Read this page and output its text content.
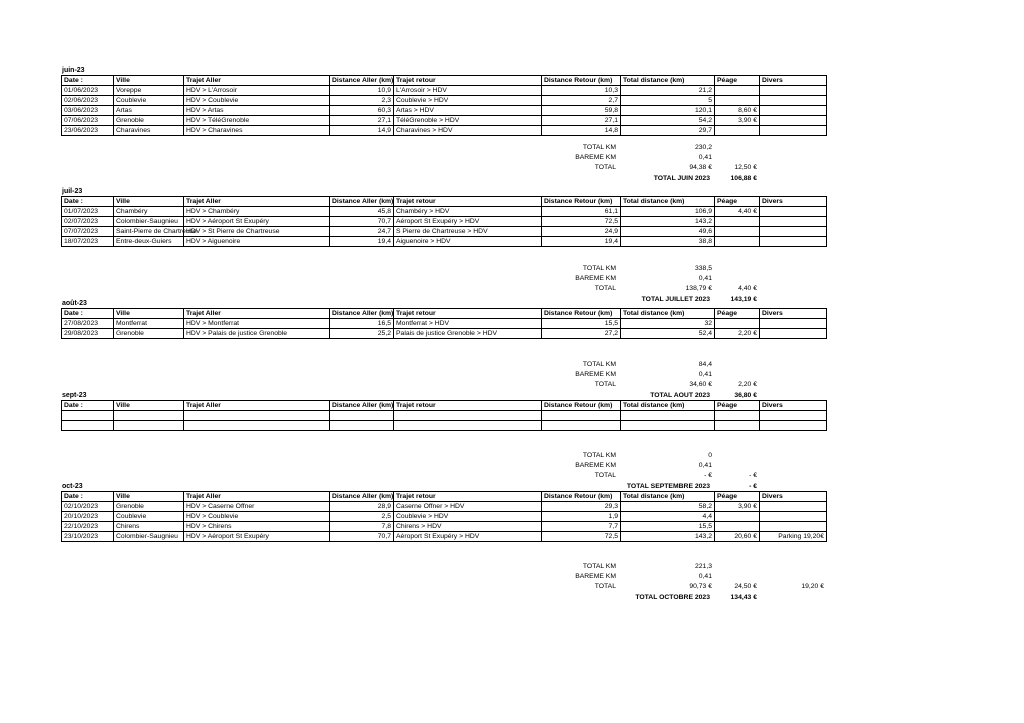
juin-23
Date :	Ville	Trajet Aller	Distance Aller (km)	Trajet retour	Distance Retour (km)	Total distance (km)	Péage	Divers
01/06/2023	Voreppe	HDV > L'Arrosoir	10,9	L'Arrosoir > HDV	10,3	21,2		
02/06/2023	Coublevie	HDV > Coublevie	2,3	Coublevie > HDV	2,7	5		
03/06/2023	Artas	HDV > Artas	60,3	Artas > HDV	59,8	120,1	8,60 €	
07/06/2023	Grenoble	HDV > TéléGrenoble	27,1	TéléGrenoble > HDV	27,1	54,2	3,90 €	
23/06/2023	Charavines	HDV > Charavines	14,9	Charavines > HDV	14,8	29,7		
TOTAL KM	230,2
BAREME KM	0,41
TOTAL	94,38 €	12,50 €
TOTAL JUIN 2023	106,88 €
juil-23
Date :	Ville	Trajet Aller	Distance Aller (km)	Trajet retour	Distance Retour (km)	Total distance (km)	Péage	Divers
01/07/2023	Chambéry	HDV > Chambéry	45,8	Chambéry > HDV	61,1	106,9	4,40 €	
02/07/2023	Colombier-Saugnieu	HDV > Aéroport St Exupéry	70,7	Aéroport St Exupéry > HDV	72,5	143,2		
07/07/2023	Saint-Pierre de Chartreuse	HDV > St Pierre de Chartreuse	24,7	S Pierre de Chartreuse > HDV	24,9	49,6		
18/07/2023	Entre-deux-Guiers	HDV > Aiguenoire	19,4	Aiguenoire > HDV	19,4	38,8		
TOTAL KM	338,5
BAREME KM	0,41
TOTAL	138,79 €	4,40 €
TOTAL JUILLET 2023	143,19 €
août-23
Date :	Ville	Trajet Aller	Distance Aller (km)	Trajet retour	Distance Retour (km)	Total distance (km)	Péage	Divers
27/08/2023	Montferrat	HDV > Montferrat	16,5	Montferrat > HDV	15,5	32		
29/08/2023	Grenoble	HDV > Palais de justice Grenoble	25,2	Palais de justice Grenoble > HDV	27,2	52,4	2,20 €	
TOTAL KM	84,4
BAREME KM	0,41
TOTAL	34,60 €	2,20 €
TOTAL AOUT 2023	36,80 €
sept-23
Date :	Ville	Trajet Aller	Distance Aller (km)	Trajet retour	Distance Retour (km)	Total distance (km)	Péage	Divers

TOTAL KM	0
BAREME KM	0,41
TOTAL	- €	- €
TOTAL SEPTEMBRE 2023	- €
oct-23
Date :	Ville	Trajet Aller	Distance Aller (km)	Trajet retour	Distance Retour (km)	Total distance (km)	Péage	Divers
02/10/2023	Grenoble	HDV > Caserne Offner	28,9	Caserne Offner > HDV	29,3	58,2	3,90 €	
20/10/2023	Coublevie	HDV > Coublevie	2,5	Coublevie > HDV	1,9	4,4		
22/10/2023	Chirens	HDV > Chirens	7,8	Chirens > HDV	7,7	15,5		
23/10/2023	Colombier-Saugnieu	HDV > Aéroport St Exupéry	70,7	Aéroport St Exupéry > HDV	72,5	143,2	20,60 €	Parking 19,20€
TOTAL KM	221,3
BAREME KM	0,41
TOTAL	90,73 €	24,50 €	19,20 €
TOTAL OCTOBRE 2023	134,43 €
